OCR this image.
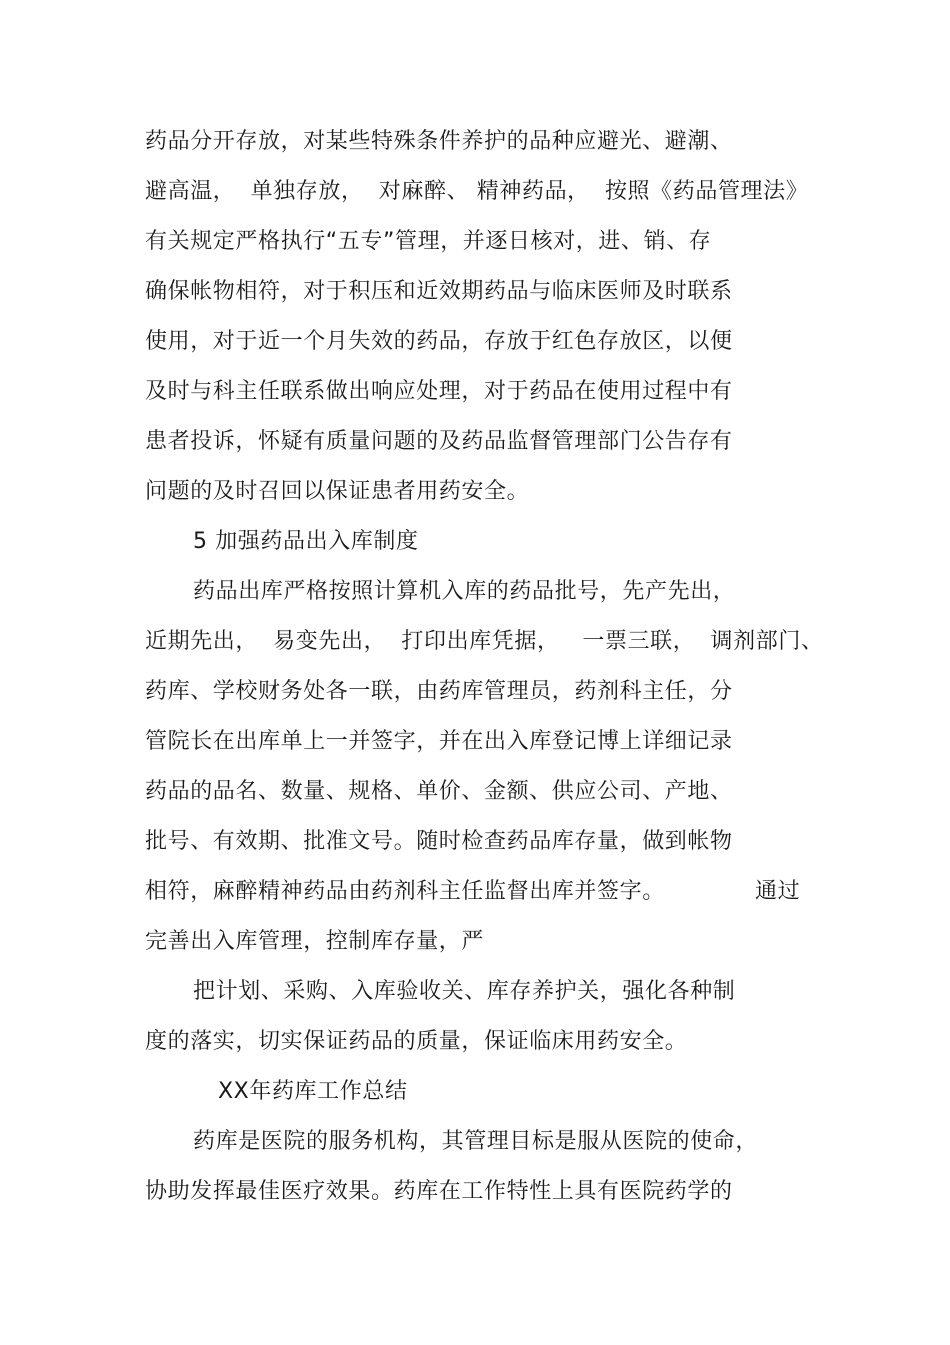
药品分开存放，对某些特殊条件养护的品种应避光、避潮、
避高温，  单独存放，  对麻醉、 精神药品，  按照《药品管理法》
有关规定严格执行“五专”管理，并逐日核对，进、销、存
确保帐物相符，对于积压和近效期药品与临床医师及时联系
使用，对于近一个月失效的药品，存放于红色存放区，以便
及时与科主任联系做出响应处理，对于药品在使用过程中有
患者投诉，怀疑有质量问题的及药品监督管理部门公告存有
问题的及时召回以保证患者用药安全。
5 加强药品出入库制度
药品出库严格按照计算机入库的药品批号，先产先出，
近期先出，  易变先出，  打印出库凭据，   一票三联，  调剂部门、
药库、学校财务处各一联，由药库管理员，药剂科主任，分
管院长在出库单上一并签字，并在出入库登记博上详细记录
药品的品名、数量、规格、单价、金额、供应公司、产地、
批号、有效期、批准文号。随时检查药品库存量，做到帐物
相符，麻醉精神药品由药剂科主任监督出库并签字。	通过
完善出入库管理，控制库存量，严
把计划、采购、入库验收关、库存养护关，强化各种制
度的落实，切实保证药品的质量，保证临床用药安全。
XX年药库工作总结
药库是医院的服务机构，其管理目标是服从医院的使命，
协助发挥最佳医疗效果。药库在工作特性上具有医院药学的
